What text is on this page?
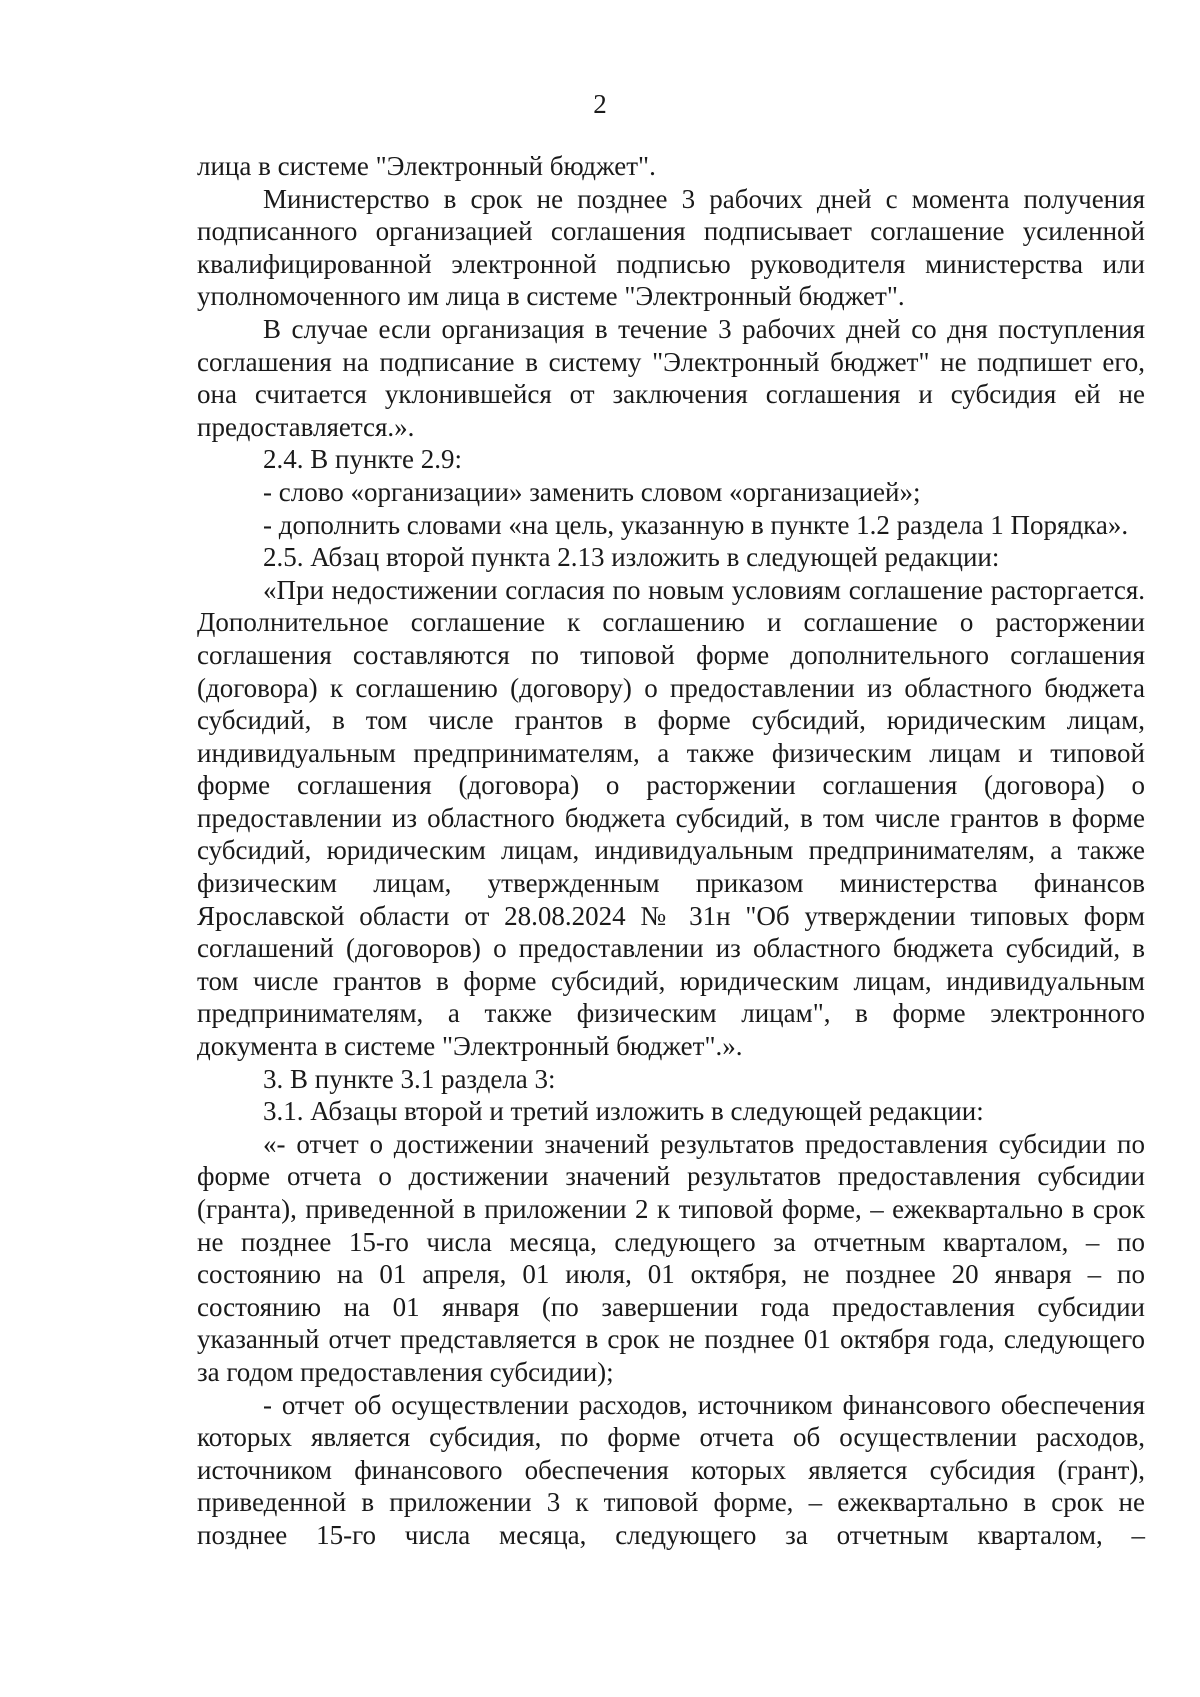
2

лица в системе "Электронный бюджет".

Министерство в срок не позднее 3 рабочих дней с момента получения подписанного организацией соглашения подписывает соглашение усиленной квалифицированной электронной подписью руководителя министерства или уполномоченного им лица в системе "Электронный бюджет".

В случае если организация в течение 3 рабочих дней со дня поступления соглашения на подписание в систему "Электронный бюджет" не подпишет его, она считается уклонившейся от заключения соглашения и субсидия ей не предоставляется.».

2.4. В пункте 2.9:

- слово «организации» заменить словом «организацией»;

- дополнить словами «на цель, указанную в пункте 1.2 раздела 1 Порядка».

2.5. Абзац второй пункта 2.13 изложить в следующей редакции:

«При недостижении согласия по новым условиям соглашение расторгается. Дополнительное соглашение к соглашению и соглашение о расторжении соглашения составляются по типовой форме дополнительного соглашения (договора) к соглашению (договору) о предоставлении из областного бюджета субсидий, в том числе грантов в форме субсидий, юридическим лицам, индивидуальным предпринимателям, а также физическим лицам и типовой форме соглашения (договора) о расторжении соглашения (договора) о предоставлении из областного бюджета субсидий, в том числе грантов в форме субсидий, юридическим лицам, индивидуальным предпринимателям, а также физическим лицам, утвержденным приказом министерства финансов Ярославской области от 28.08.2024 № 31н "Об утверждении типовых форм соглашений (договоров) о предоставлении из областного бюджета субсидий, в том числе грантов в форме субсидий, юридическим лицам, индивидуальным предпринимателям, а также физическим лицам", в форме электронного документа в системе "Электронный бюджет".».

3. В пункте 3.1 раздела 3:

3.1. Абзацы второй и третий изложить в следующей редакции:

«- отчет о достижении значений результатов предоставления субсидии по форме отчета о достижении значений результатов предоставления субсидии (гранта), приведенной в приложении 2 к типовой форме, – ежеквартально в срок не позднее 15-го числа месяца, следующего за отчетным кварталом, – по состоянию на 01 апреля, 01 июля, 01 октября, не позднее 20 января – по состоянию на 01 января (по завершении года предоставления субсидии указанный отчет представляется в срок не позднее 01 октября года, следующего за годом предоставления субсидии);

- отчет об осуществлении расходов, источником финансового обеспечения которых является субсидия, по форме отчета об осуществлении расходов, источником финансового обеспечения которых является субсидия (грант), приведенной в приложении 3 к типовой форме, – ежеквартально в срок не позднее 15-го числа месяца, следующего за отчетным кварталом, –
